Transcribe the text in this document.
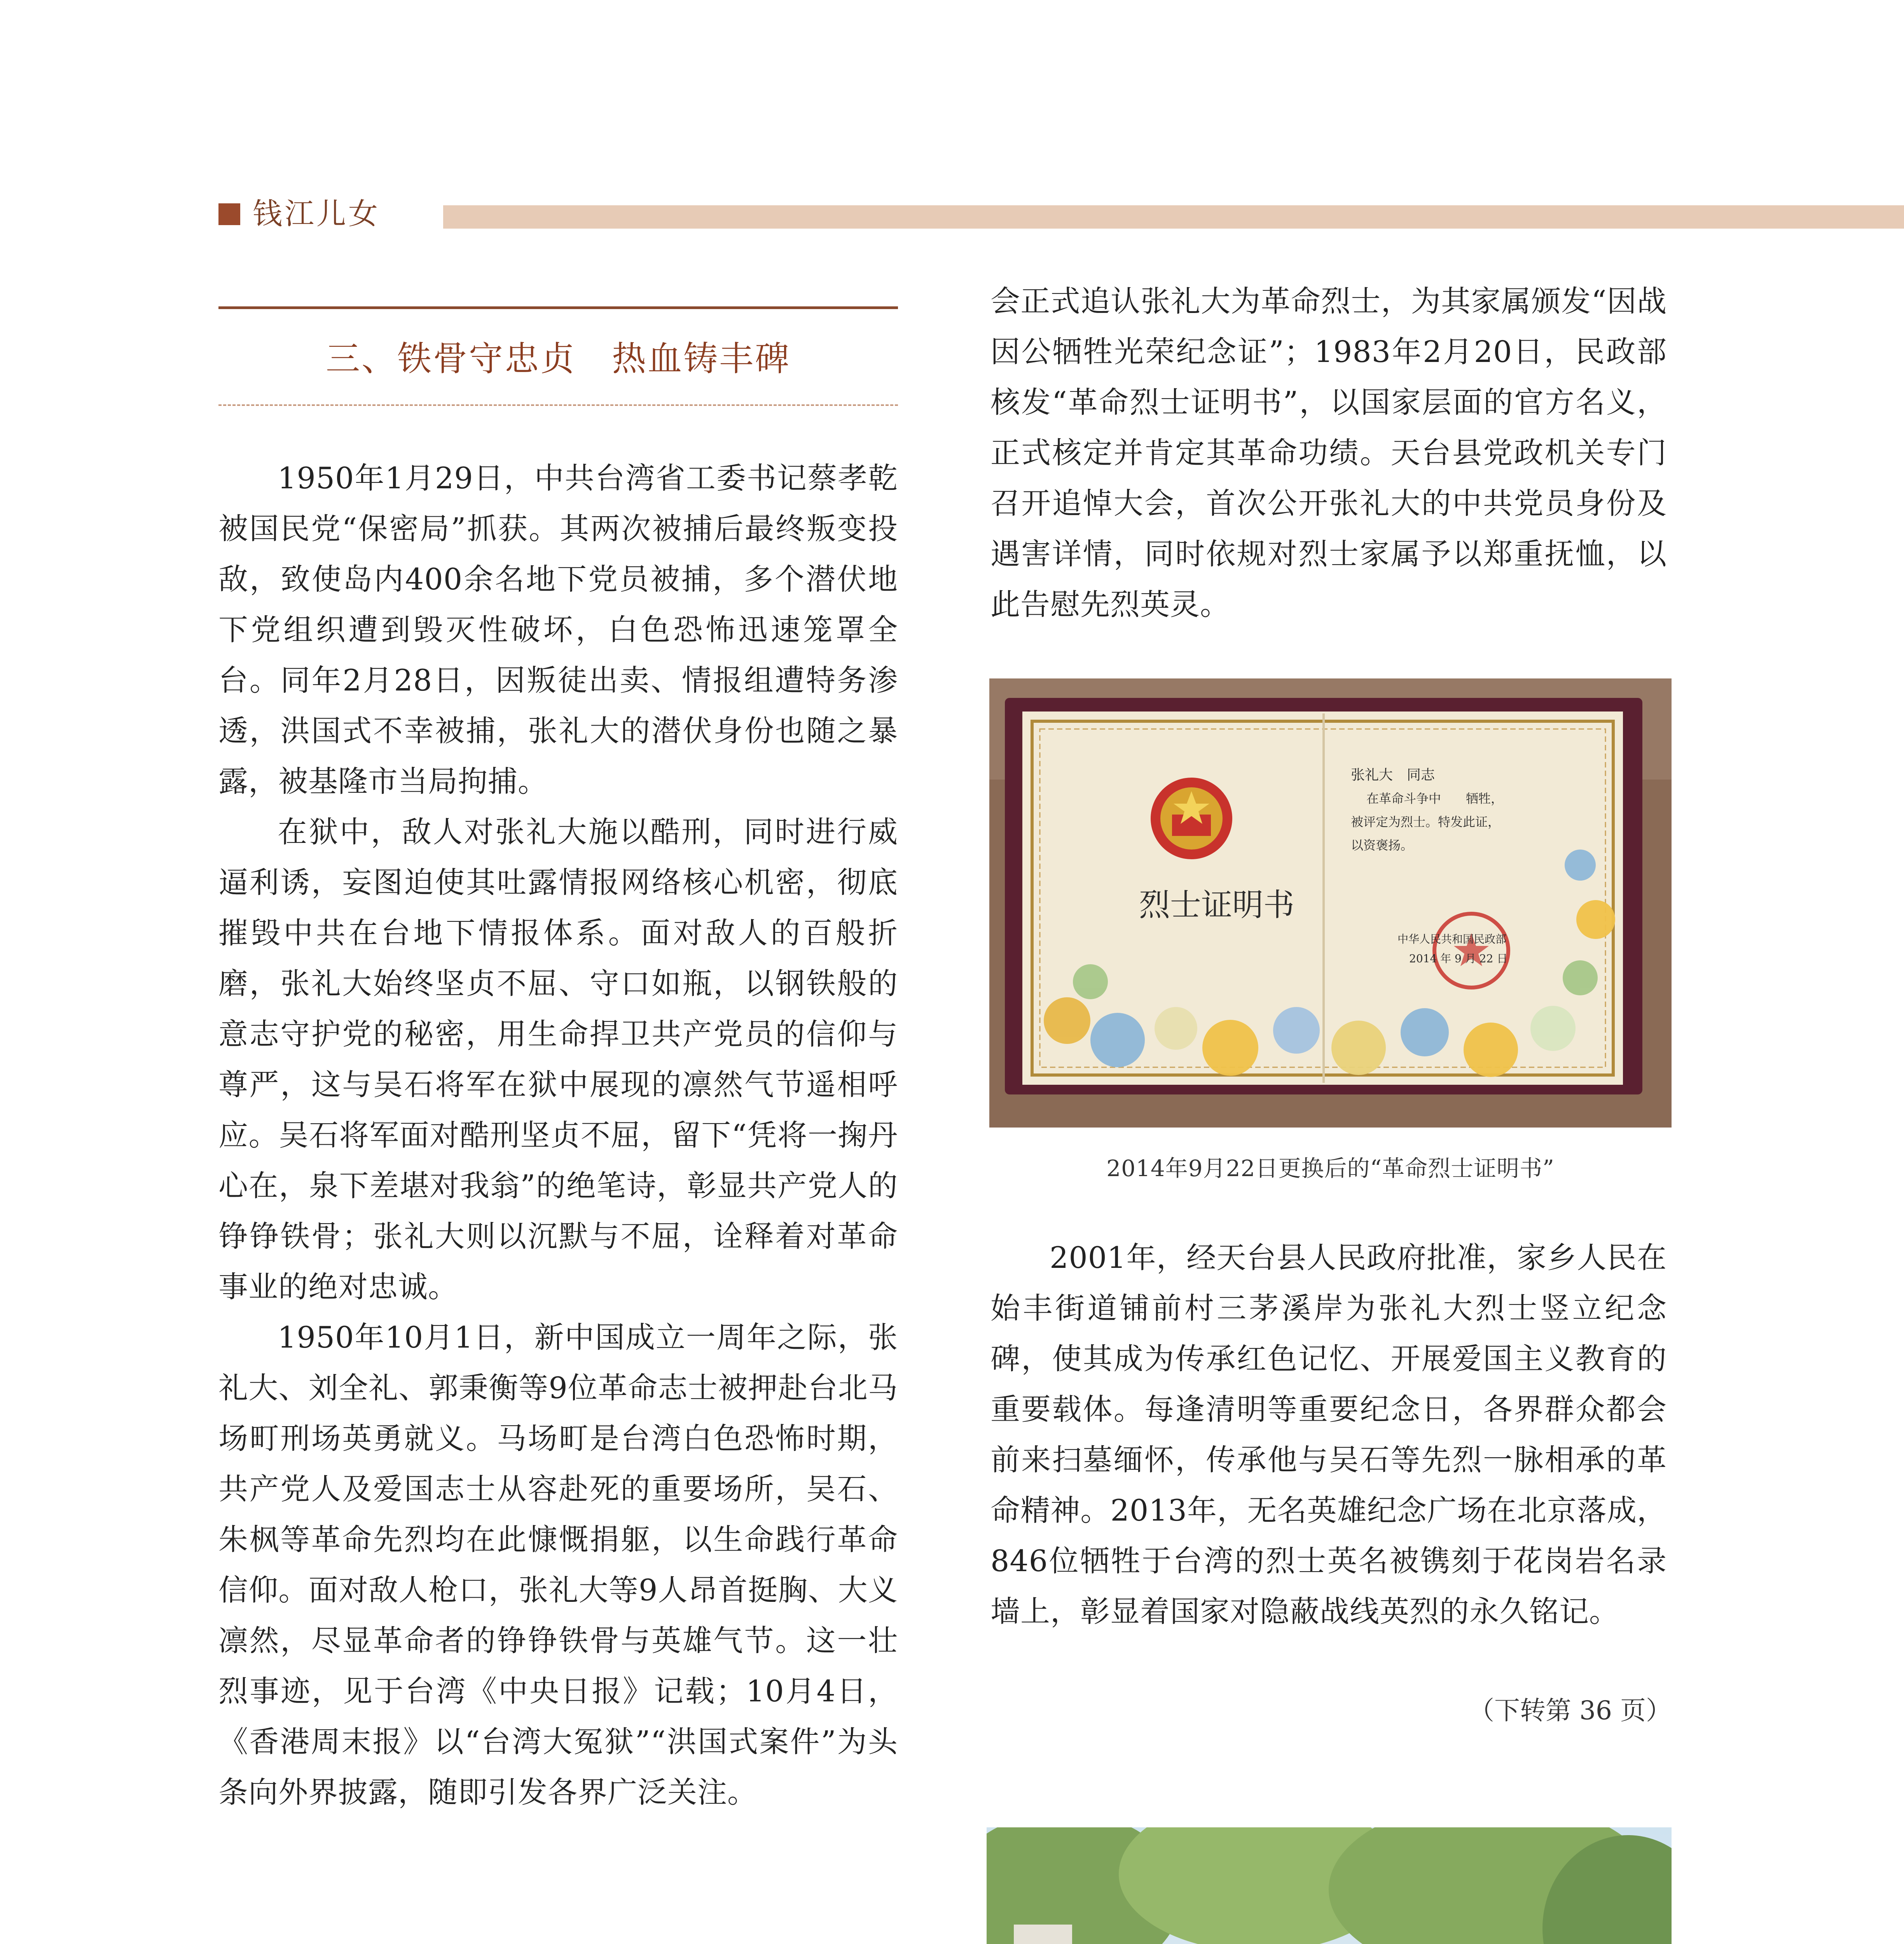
钱江儿女
三、铁骨守忠贞　热血铸丰碑

1950年1月29日，中共台湾省工委书记蔡孝乾被国民党“保密局”抓获。其两次被捕后最终叛变投敌，致使岛内400余名地下党员被捕，多个潜伏地下党组织遭到毁灭性破坏，白色恐怖迅速笼罩全台。同年2月28日，因叛徒出卖、情报组遭特务渗透，洪国式不幸被捕，张礼大的潜伏身份也随之暴露，被基隆市当局拘捕。

在狱中，敌人对张礼大施以酷刑，同时进行威逼利诱，妄图迫使其吐露情报网络核心机密，彻底摧毁中共在台地下情报体系。面对敌人的百般折磨，张礼大始终坚贞不屈、守口如瓶，以钢铁般的意志守护党的秘密，用生命捍卫共产党员的信仰与尊严，这与吴石将军在狱中展现的凛然气节遥相呼应。吴石将军面对酷刑坚贞不屈，留下“凭将一掬丹心在，泉下差堪对我翁”的绝笔诗，彰显共产党人的铮铮铁骨；张礼大则以沉默与不屈，诠释着对革命事业的绝对忠诚。

1950年10月1日，新中国成立一周年之际，张礼大、刘全礼、郭秉衡等9位革命志士被押赴台北马场町刑场英勇就义。马场町是台湾白色恐怖时期，共产党人及爱国志士从容赴死的重要场所，吴石、朱枫等革命先烈均在此慷慨捐躯，以生命践行革命信仰。面对敌人枪口，张礼大等9人昂首挺胸、大义凛然，尽显革命者的铮铮铁骨与英雄气节。这一壮烈事迹，见于台湾《中央日报》记载；10月4日，《香港周末报》以“台湾大冤狱”“洪国式案件”为头条向外界披露，随即引发各界广泛关注。

会正式追认张礼大为革命烈士，为其家属颁发“因战因公牺牲光荣纪念证”；1983年2月20日，民政部核发“革命烈士证明书”，以国家层面的官方名义，正式核定并肯定其革命功绩。天台县党政机关专门召开追悼大会，首次公开张礼大的中共党员身份及遇害详情，同时依规对烈士家属予以郑重抚恤，以此告慰先烈英灵。

烈士证明书
张礼大　同志
在革命斗争中　　牺牲，
被评定为烈士。特发此证，
以资褒扬。
中华人民共和国民政部
2014 年 9 月 22 日
2014年9月22日更换后的“革命烈士证明书”

2001年，经天台县人民政府批准，家乡人民在始丰街道铺前村三茅溪岸为张礼大烈士竖立纪念碑，使其成为传承红色记忆、开展爱国主义教育的重要载体。每逢清明等重要纪念日，各界群众都会前来扫墓缅怀，传承他与吴石等先烈一脉相承的革命精神。2013年，无名英雄纪念广场在北京落成，846位牺牲于台湾的烈士英名被镌刻于花岗岩名录墙上，彰显着国家对隐蔽战线英烈的永久铭记。

（下转第 36 页）
